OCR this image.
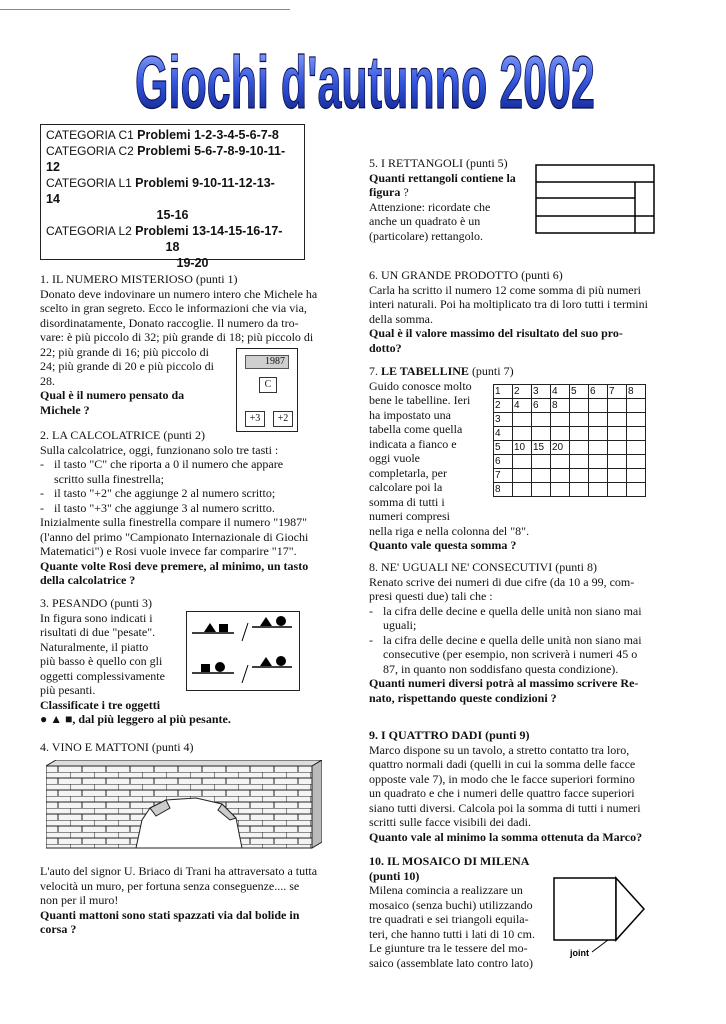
Giochi d'autunno 2002
CATEGORIA C1 Problemi 1-2-3-4-5-6-7-8
CATEGORIA C2 Problemi 5-6-7-8-9-10-11-
12
CATEGORIA L1 Problemi 9-10-11-12-13-
14
15-16
CATEGORIA L2 Problemi 13-14-15-16-17-
18
19-20

1. IL NUMERO MISTERIOSO (punti 1)

Donato deve indovinare un numero intero che Michele ha

scelto in gran segreto. Ecco le informazioni che via via,

disordinatamente, Donato raccoglie. Il numero da tro-

vare: è più piccolo di 32; più grande di 18; più piccolo di

22; più grande di 16; più piccolo di

24; più grande di 20 e più piccolo di

28.

Qual è il numero pensato da

Michele ?

1987
C
+3	+2

2. LA CALCOLATRICE (punti 2)

Sulla calcolatrice, oggi, funzionano solo tre tasti :

- il tasto "C" che riporta a 0 il numero che appare

scritto sulla finestrella;

- il tasto "+2" che aggiunge 2 al numero scritto;
- il tasto "+3" che aggiunge 3 al numero scritto.

Inizialmente sulla finestrella compare il numero "1987"

(l'anno del primo "Campionato Internazionale di Giochi

Matematici") e Rosi vuole invece far comparire "17".

Quante volte Rosi deve premere, al minimo, un tasto

della calcolatrice ?

3. PESANDO (punti 3)

In figura sono indicati i

risultati di due "pesate".

Naturalmente, il piatto

più basso è quello con gli

oggetti complessivamente

più pesanti.

Classificate i tre oggetti

● ▲ ■, dal più leggero al più pesante.

4. VINO E MATTONI (punti 4)

L'auto del signor U. Briaco di Trani ha attraversato a tutta

velocità un muro, per fortuna senza conseguenze.... se

non per il muro!

Quanti mattoni sono stati spazzati via dal bolide in

corsa ?

5. I RETTANGOLI (punti 5)

Quanti rettangoli contiene la

figura ?

Attenzione: ricordate che

anche un quadrato è un

(particolare) rettangolo.

6. UN GRANDE PRODOTTO (punti 6)

Carla ha scritto il numero 12 come somma di più numeri

interi naturali. Poi ha moltiplicato tra di loro tutti i termini

della somma.

Qual è il valore massimo del risultato del suo pro-

dotto?

7. LE TABELLINE (punti 7)

Guido conosce molto

bene le tabelline. Ieri

ha impostato una

tabella come quella

indicata a fianco e

oggi vuole

completarla, per

calcolare poi la

somma di tutti i

numeri compresi

nella riga e nella colonna del "8".

Quanto vale questa somma ?

1	2	3	4	5	6	7	8
2	4	6	8				
3							
4							
5	10	15	20				
6							
7							
8							

8. NE' UGUALI NE' CONSECUTIVI (punti 8)

Renato scrive dei numeri di due cifre (da 10 a 99, com-

presi questi due) tali che :

- la cifra delle decine e quella delle unità non siano mai

uguali;

- la cifra delle decine e quella delle unità non siano mai

consecutive (per esempio, non scriverà i numeri 45 o

87, in quanto non soddisfano questa condizione).

Quanti numeri diversi potrà al massimo scrivere Re-

nato, rispettando queste condizioni ?

9. I QUATTRO DADI (punti 9)

Marco dispone su un tavolo, a stretto contatto tra loro,

quattro normali dadi (quelli in cui la somma delle facce

opposte vale 7), in modo che le facce superiori formino

un quadrato e che i numeri delle quattro facce superiori

siano tutti diversi. Calcola poi la somma di tutti i numeri

scritti sulle facce visibili dei dadi.

Quanto vale al minimo la somma ottenuta da Marco?

10. IL MOSAICO DI MILENA (punti 10)

Milena comincia a realizzare un

mosaico (senza buchi) utilizzando

tre quadrati e sei triangoli equila-

teri, che hanno tutti i lati di 10 cm.

Le giunture tra le tessere del mo-

saico (assemblate lato contro lato)

joint
